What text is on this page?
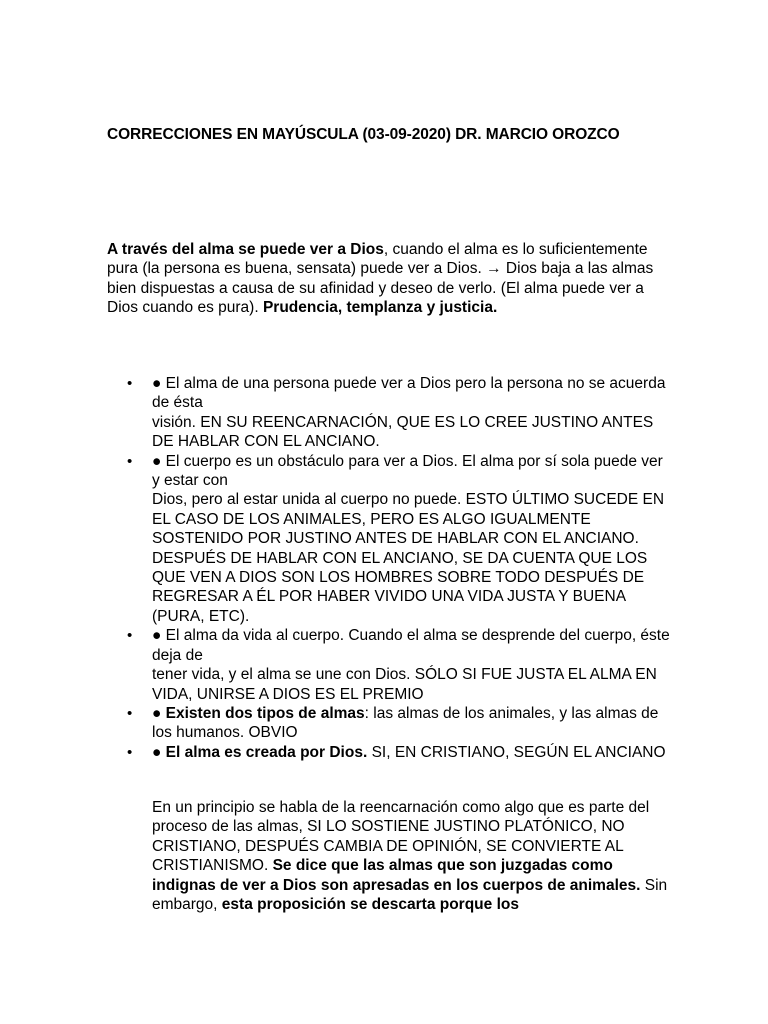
CORRECCIONES EN MAYÚSCULA (03-09-2020) DR. MARCIO OROZCO
A través del alma se puede ver a Dios, cuando el alma es lo suficientemente pura (la persona es buena, sensata) puede ver a Dios. → Dios baja a las almas bien dispuestas a causa de su afinidad y deseo de verlo. (El alma puede ver a Dios cuando es pura). Prudencia, templanza y justicia.
• ● El alma de una persona puede ver a Dios pero la persona no se acuerda de ésta
visión. EN SU REENCARNACIÓN, QUE ES LO CREE JUSTINO ANTES DE HABLAR CON EL ANCIANO.
• ● El cuerpo es un obstáculo para ver a Dios. El alma por sí sola puede ver y estar con
Dios, pero al estar unida al cuerpo no puede. ESTO ÚLTIMO SUCEDE EN EL CASO DE LOS ANIMALES, PERO ES ALGO IGUALMENTE SOSTENIDO POR JUSTINO ANTES DE HABLAR CON EL ANCIANO. DESPUÉS DE HABLAR CON EL ANCIANO, SE DA CUENTA QUE LOS QUE VEN A DIOS SON LOS HOMBRES SOBRE TODO DESPUÉS DE REGRESAR A ÉL POR HABER VIVIDO UNA VIDA JUSTA Y BUENA (PURA, ETC).
• ● El alma da vida al cuerpo. Cuando el alma se desprende del cuerpo, éste deja de
tener vida, y el alma se une con Dios. SÓLO SI FUE JUSTA EL ALMA EN VIDA, UNIRSE A DIOS ES EL PREMIO
• ● Existen dos tipos de almas: las almas de los animales, y las almas de los humanos. OBVIO
• ● El alma es creada por Dios. SI, EN CRISTIANO, SEGÚN EL ANCIANO
En un principio se habla de la reencarnación como algo que es parte del proceso de las almas, SI LO SOSTIENE JUSTINO PLATÓNICO, NO CRISTIANO, DESPUÉS CAMBIA DE OPINIÓN, SE CONVIERTE AL CRISTIANISMO. Se dice que las almas que son juzgadas como indignas de ver a Dios son apresadas en los cuerpos de animales. Sin embargo, esta proposición se descarta porque los
